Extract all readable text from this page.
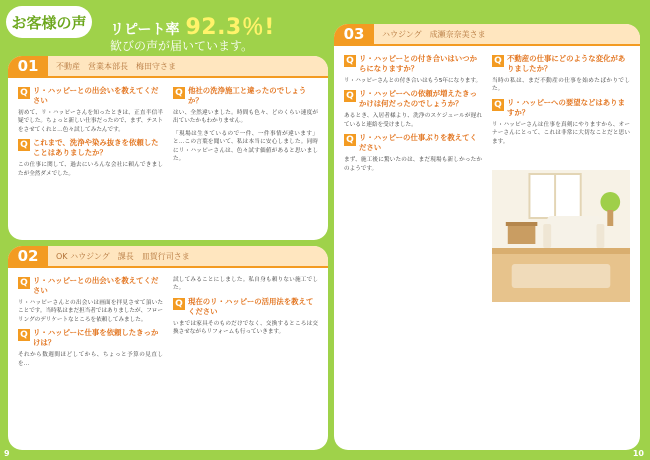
お客様の声 リピート率 92.3％!
歓びの声が届いています。
01	不動産　営業本部長 梅田守さま
Q リ・ハッピーとの出会いを教えてください

初めて、リ・ハッピーさんを知ったときは、正直半信半疑でした。ちょっと新しい仕事だったので、まず、テストをさせてくれと…色々試してみたんです。

Q これまで、洗浄や染み抜きを依頼したことはありましたか？

この仕事に関して、過去にいろんな会社に頼んできましたが全然ダメでした。

Q 他社の洗浄施工と違ったのでしょうか？

はい、全然違いました。時間も色々、どのくらい速度が出ていたかもわかりません。

「現場は生きているので一件、一件事情が違います」と…この言葉を聞いて、私は本当に安心しました。同時にリ・ハッピーさんは、色々試す価値があると思いました。

02	OK ハウジング　課長 皿賀行司さま
Q リ・ハッピーとの出会いを教えてください

リ・ハッピーさんとの出会いは画面を拝見させて頂いたことです。当時私はまだ担当者ではありましたが、フローリングのデリケートなところを依頼してみました。

Q リ・ハッピーに仕事を依頼したきっかけは？

それから数週間ほどしてから、ちょっと予算の見直しを…

試してみることにしました。私自身も頼りない施工でした。

Q 現在のリ・ハッピーの活用法を教えてください

いまでは家具そのものだけでなく、交換するところは交換させながらリフォームも行っていきます。

03	ハウジング　成瀬奈奈美さま
Q リ・ハッピーとの付き合いはいつからになりますか？

リ・ハッピーさんとの付き合いはもう5年になります。

Q リ・ハッピーへの依頼が増えたきっかけは何だったのでしょうか？

あるとき、入居者様より、洗浄のスケジュールが遅れていると連絡を受けました。

Q リ・ハッピーの仕事ぶりを教えてください

まず、施工後に驚いたのは、まだ現場も新しかったかのようです。

Q 不動産の仕事にどのような変化がありましたか？

当時の私は、まだ不動産の仕事を始めたばかりでした。

Q リ・ハッピーへの要望などはありますか？

リ・ハッピーさんは仕事を真剣にやりますから、オーナーさんにとって、これは非常に大切なことだと思います。

9	10
